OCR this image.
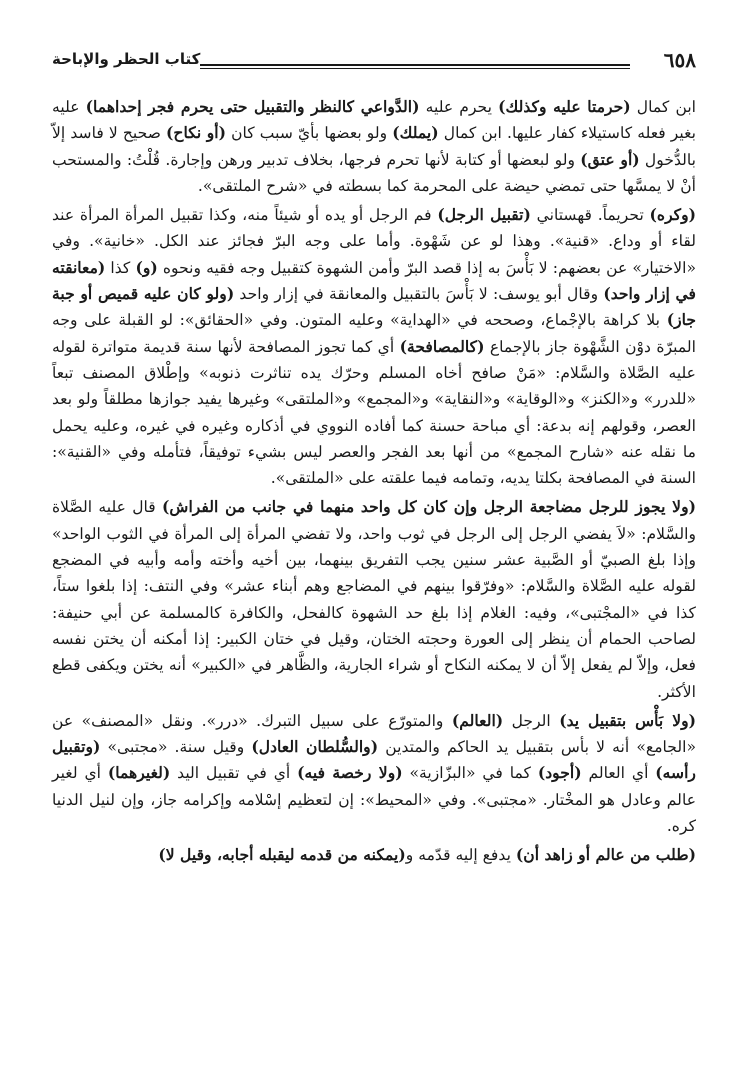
٦٥٨
كتاب الحظر والإباحة

ابن كمال (حرمتا عليه وكذلك) يحرم عليه (الدَّواعي كالنظر والتقبيل حتى يحرم فجر إحداهما) عليه بغير فعله كاستيلاء كفار عليها. ابن كمال (يملك) ولو بعضها بأيّ سبب كان (أو نكاح) صحيح لا فاسد إلاّ بالدُّخول (أو عتق) ولو لبعضها أو كتابة لأنها تحرم فرجها، بخلاف تدبير ورهن وإجارة. قُلْتُ: والمستحب أنْ لا يمسَّها حتى تمضي حيضة على المحرمة كما بسطته في «شرح الملتقى».

(وكره) تحريماً. قهستاني (تقبيل الرجل) فم الرجل أو يده أو شيئاً منه، وكذا تقبيل المرأة المرأة عند لقاء أو وداع. «قنية». وهذا لو عن شَهْوة. وأما على وجه البرّ فجائز عند الكل. «خانية». وفي «الاختيار» عن بعضهم: لا بَأْسَ به إذا قصد البرّ وأمن الشهوة كتقبيل وجه فقيه ونحوه (و) كذا (معانقته في إزار واحد) وقال أبو يوسف: لا بَأْسَ بالتقبيل والمعانقة في إزار واحد (ولو كان عليه قميص أو جبة جاز) بلا كراهة بالإجْماع، وصححه في «الهداية» وعليه المتون. وفي «الحقائق»: لو القبلة على وجه المبرّة دوْن الشَّهْوة جاز بالإجماع (كالمصافحة) أي كما تجوز المصافحة لأنها سنة قديمة متواترة لقوله عليه الصَّلاة والسَّلام: «مَنْ صافح أخاه المسلم وحرّك يده تناثرت ذنوبه» وإطْلاق المصنف تبعاً «للدرر» و«الكنز» و«الوقاية» و«النقاية» و«المجمع» و«الملتقى» وغيرها يفيد جوازها مطلقاً ولو بعد العصر، وقولهم إنه بدعة: أي مباحة حسنة كما أفاده النووي في أذكاره وغيره في غيره، وعليه يحمل ما نقله عنه «شارح المجمع» من أنها بعد الفجر والعصر ليس بشيء توفيقاً، فتأمله وفي «القنية»: السنة في المصافحة بكلتا يديه، وتمامه فيما علقته على «الملتقى».

(ولا يجوز للرجل مضاجعة الرجل وإن كان كل واحد منهما في جانب من الفراش) قال عليه الصَّلاة والسَّلام: «لاَ يفضي الرجل إلى الرجل في ثوب واحد، ولا تفضي المرأة إلى المرأة في الثوب الواحد» وإذا بلغ الصبيّ أو الصَّبية عشر سنين يجب التفريق بينهما، بين أخيه وأخته وأمه وأبيه في المضجع لقوله عليه الصَّلاة والسَّلام: «وفرّقوا بينهم في المضاجع وهم أبناء عشر» وفي النتف: إذا بلغوا ستاً، كذا في «المجْتبى»، وفيه: الغلام إذا بلغ حد الشهوة كالفحل، والكافرة كالمسلمة عن أبي حنيفة: لصاحب الحمام أن ينظر إلى العورة وحجته الختان، وقيل في ختان الكبير: إذا أمكنه أن يختن نفسه فعل، وإلاّ لم يفعل إلاّ أن لا يمكنه النكاح أو شراء الجارية، والظَّاهر في «الكبير» أنه يختن ويكفى قطع الأكثر.

(ولا بَأْس بتقبيل يد) الرجل (العالم) والمتورّع على سبيل التبرك. «درر». ونقل «المصنف» عن «الجامع» أنه لا بأس بتقبيل يد الحاكم والمتدين (والسُّلطان العادل) وقيل سنة. «مجتبى» (وتقبيل رأسه) أي العالم (أجود) كما في «البزّازية» (ولا رخصة فيه) أي في تقبيل اليد (لغيرهما) أي لغير عالم وعادل هو المخْتار. «مجتبى». وفي «المحيط»: إن لتعظيم إسْلامه وإكرامه جاز، وإن لنيل الدنيا كره.

(طلب من عالم أو زاهد أن) يدفع إليه قدّمه و(يمكنه من قدمه ليقبله أجابه، وقيل لا)
